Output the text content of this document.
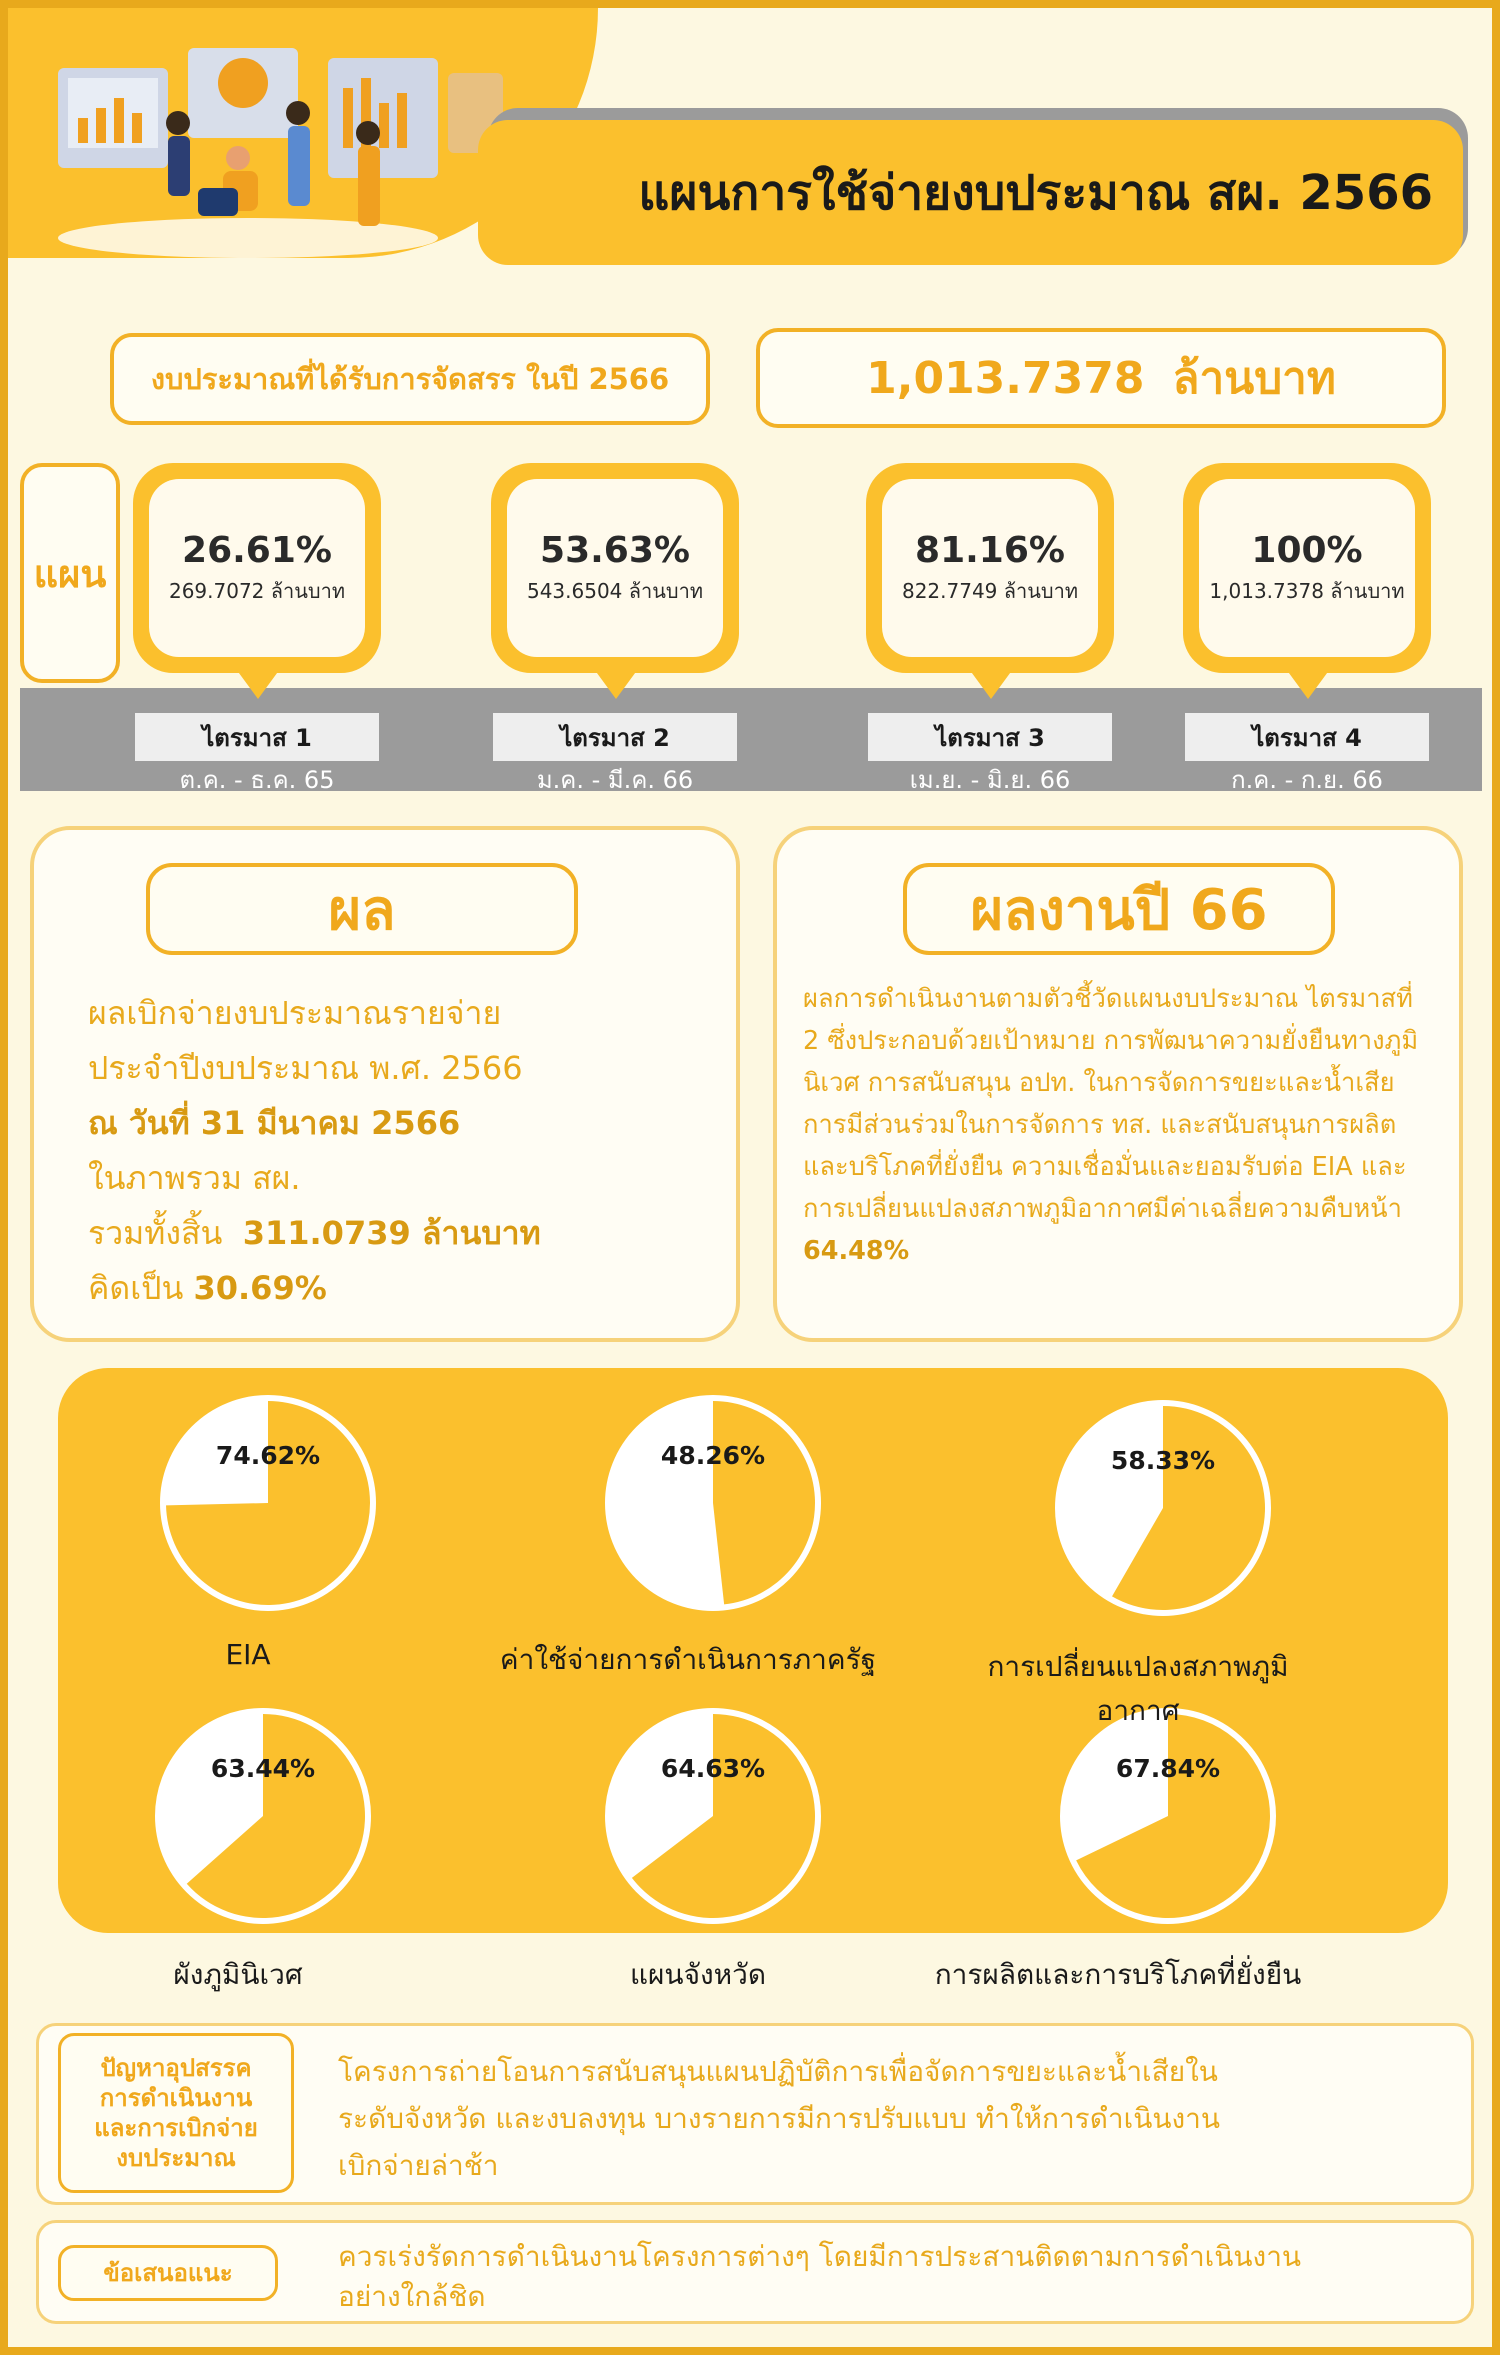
แผนการใช้จ่ายงบประมาณ สผ. 2566
งบประมาณที่ได้รับการจัดสรร ในปี 2566	1,013.7378 ล้านบาท
แผน
26.61%
269.7072 ล้านบาท
53.63%
543.6504 ล้านบาท
81.16%
822.7749 ล้านบาท
100%
1,013.7378 ล้านบาท
ไตรมาส 1	ไตรมาส 2	ไตรมาส 3	ไตรมาส 4
ต.ค. - ธ.ค. 65	ม.ค. - มี.ค. 66	เม.ย. - มิ.ย. 66	ก.ค. - ก.ย. 66
ผล
ผลเบิกจ่ายงบประมาณรายจ่าย
ประจำปีงบประมาณ พ.ศ. 2566
ณ วันที่ 31 มีนาคม 2566
ในภาพรวม สผ.
รวมทั้งสิ้น 311.0739 ล้านบาท
คิดเป็น 30.69%
ผลงานปี 66
ผลการดำเนินงานตามตัวชี้วัดแผนงบประมาณ ไตรมาสที่ 2 ซึ่งประกอบด้วยเป้าหมาย การพัฒนาความยั่งยืนทางภูมินิเวศ การสนับสนุน อปท. ในการจัดการขยะและน้ำเสีย การมีส่วนร่วมในการจัดการ ทส. และสนับสนุนการผลิตและบริโภคที่ยั่งยืน ความเชื่อมั่นและยอมรับต่อ EIA และการเปลี่ยนแปลงสภาพภูมิอากาศมีค่าเฉลี่ยความคืบหน้า 64.48%
74.62%	48.26%	58.33%
63.44%	64.63%	67.84%
EIA	ค่าใช้จ่ายการดำเนินการภาครัฐ	การเปลี่ยนแปลงสภาพภูมิอากาศ
ผังภูมินิเวศ	แผนจังหวัด	การผลิตและการบริโภคที่ยั่งยืน
ปัญหาอุปสรรค
การดำเนินงาน
และการเบิกจ่าย
งบประมาณ
โครงการถ่ายโอนการสนับสนุนแผนปฏิบัติการเพื่อจัดการขยะและน้ำเสียใน
ระดับจังหวัด และงบลงทุน บางรายการมีการปรับแบบ ทำให้การดำเนินงาน
เบิกจ่ายล่าช้า
ข้อเสนอแนะ	ควรเร่งรัดการดำเนินงานโครงการต่างๆ โดยมีการประสานติดตามการดำเนินงาน
อย่างใกล้ชิด
